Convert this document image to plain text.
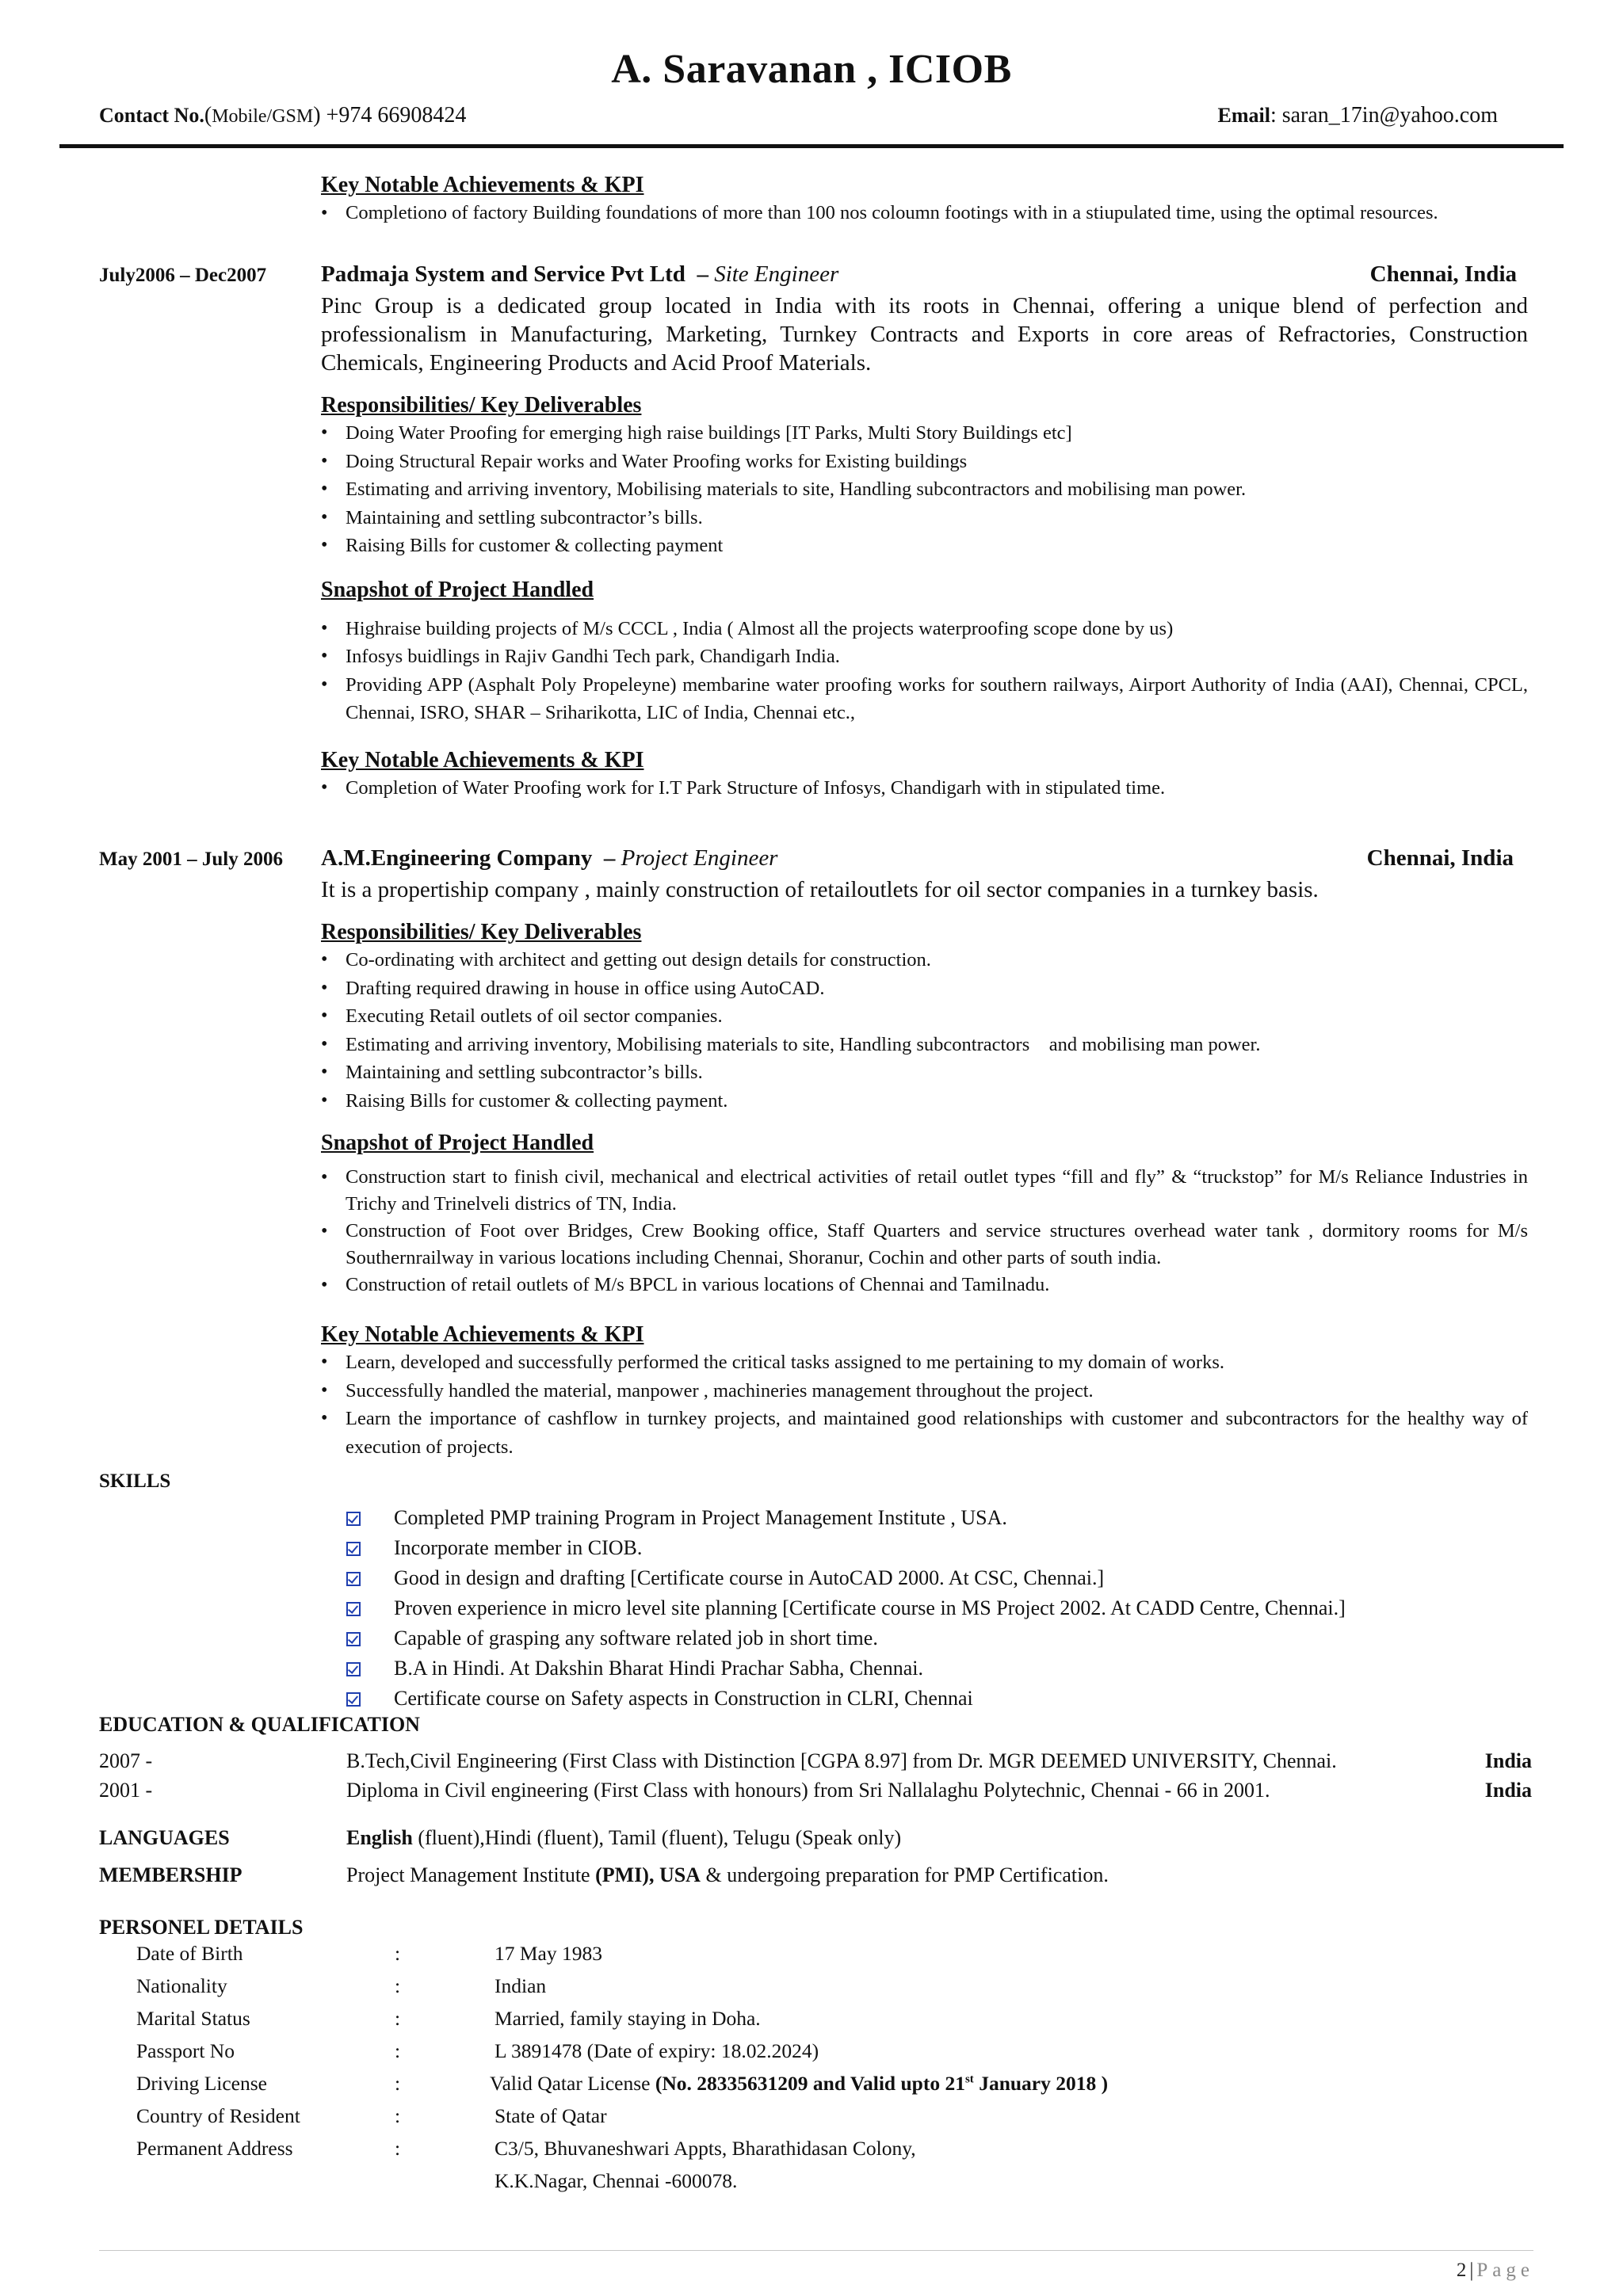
A. Saravanan , ICIOB
Contact No.(Mobile/GSM) +974 66908424	Email: saran_17in@yahoo.com

Key Notable Achievements & KPI

• Completiono of factory Building foundations of more than 100 nos coloumn footings with in a stiupulated time, using the optimal resources.
July2006 – Dec2007 Padmaja System and Service Pvt Ltd – Site Engineer	Chennai, India
Pinc Group is a dedicated group located in India with its roots in Chennai, offering a unique blend of perfection and professionalism in Manufacturing, Marketing, Turnkey Contracts and Exports in core areas of Refractories, Construction Chemicals, Engineering Products and Acid Proof Materials.

Responsibilities/ Key Deliverables

• Doing Water Proofing for emerging high raise buildings [IT Parks, Multi Story Buildings etc]
• Doing Structural Repair works and Water Proofing works for Existing buildings
• Estimating and arriving inventory, Mobilising materials to site, Handling subcontractors and mobilising man power.
• Maintaining and settling subcontractor’s bills.
• Raising Bills for customer & collecting payment

Snapshot of Project Handled

• Highraise building projects of M/s CCCL , India ( Almost all the projects waterproofing scope done by us)
• Infosys buidlings in Rajiv Gandhi Tech park, Chandigarh India.
• Providing APP (Asphalt Poly Propeleyne) membarine water proofing works for southern railways, Airport Authority of India (AAI), Chennai, CPCL, Chennai, ISRO, SHAR – Sriharikotta, LIC of India, Chennai etc.,

Key Notable Achievements & KPI

• Completion of Water Proofing work for I.T Park Structure of Infosys, Chandigarh with in stipulated time.
May 2001 – July 2006 A.M.Engineering Company – Project Engineer	Chennai, India
It is a propertiship company , mainly construction of retailoutlets for oil sector companies in a turnkey basis.

Responsibilities/ Key Deliverables

• Co-ordinating with architect and getting out design details for construction.
• Drafting required drawing in house in office using AutoCAD.
• Executing Retail outlets of oil sector companies.
• Estimating and arriving inventory, Mobilising materials to site, Handling subcontractors    and mobilising man power.
• Maintaining and settling subcontractor’s bills.
• Raising Bills for customer & collecting payment.

Snapshot of Project Handled

• Construction start to finish civil, mechanical and electrical activities of retail outlet types “fill and fly” & “truckstop” for M/s Reliance Industries in Trichy and Trinelveli districs of TN, India.
• Construction of Foot over Bridges, Crew Booking office, Staff Quarters and service structures overhead water tank , dormitory rooms for M/s Southernrailway in various locations including Chennai, Shoranur, Cochin and other parts of south india.
• Construction of retail outlets of M/s BPCL in various locations of Chennai and Tamilnadu.

Key Notable Achievements & KPI

• Learn, developed and successfully performed the critical tasks assigned to me pertaining to my domain of works.
• Successfully handled the material, manpower , machineries management throughout the project.
• Learn the importance of cashflow in turnkey projects, and maintained good relationships with customer and subcontractors for the healthy way of execution of projects.
SKILLS
Completed PMP training Program in Project Management Institute , USA.
Incorporate member in CIOB.
Good in design and drafting [Certificate course in AutoCAD 2000. At CSC, Chennai.]
Proven experience in micro level site planning [Certificate course in MS Project 2002. At CADD Centre, Chennai.]
Capable of grasping any software related job in short time.
B.A in Hindi. At Dakshin Bharat Hindi Prachar Sabha, Chennai.
Certificate course on Safety aspects in Construction in CLRI, Chennai
EDUCATION & QUALIFICATION
2007 -	B.Tech,Civil Engineering (First Class with Distinction [CGPA 8.97] from Dr. MGR DEEMED UNIVERSITY, Chennai.	India
2001 -	Diploma in Civil engineering (First Class with honours) from Sri Nallalaghu Polytechnic, Chennai - 66 in 2001.	India
LANGUAGES	English (fluent),Hindi (fluent), Tamil (fluent), Telugu (Speak only)
MEMBERSHIP	Project Management Institute (PMI), USA & undergoing preparation for PMP Certification.
PERSONEL DETAILS
Date of Birth	:	17 May 1983
Nationality	:	Indian
Marital Status	:	Married, family staying in Doha.
Passport No	:	L 3891478 (Date of expiry: 18.02.2024)
Driving License	:	Valid Qatar License (No. 28335631209 and Valid upto 21st January 2018 )
Country of Resident	:	State of Qatar
Permanent Address	:	C3/5, Bhuvaneshwari Appts, Bharathidasan Colony,
K.K.Nagar, Chennai -600078.
2 | Page
